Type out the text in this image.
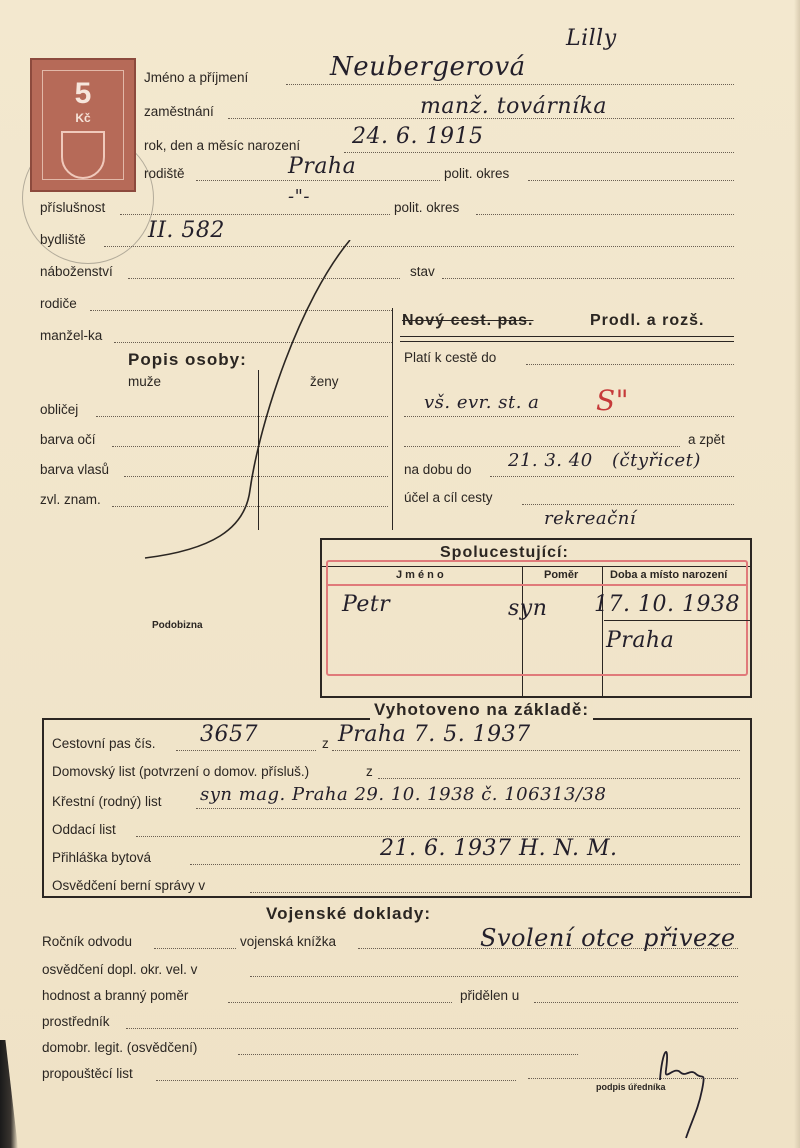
5
Kč
Jméno a příjmení	Neubergerová
Lilly
zaměstnání	manž. továrníka
rok, den a měsíc narození 24. 6. 1915
rodiště	Praha	polit. okres
příslušnost
-"-
polit. okres
bydliště	II. 582
náboženství	stav
rodiče
manžel-ka
Nový cest. pas.	Prodl. a rozš.
Popis osoby:
muže	ženy
obličej
barva očí
barva vlasů
zvl. znam.
Platí k cestě do
vš. evr. st. a S"
a zpět
na dobu do 21. 3. 40 (čtyřicet)
účel a cíl cesty
rekreační
Spolucestující:
J m é n o	Poměr	Doba a místo narození
Petr	syn 17. 10. 1938
Praha
Podobizna
Vyhotoveno na základě:
Cestovní pas čís. 3657	z Praha 7. 5. 1937
Domovský list (potvrzení o domov. přísluš.)	z
Křestní (rodný) list syn mag. Praha 29. 10. 1938 č. 106313/38
Oddací list
Přihláška bytová	21. 6. 1937 H. N. M.
Osvědčení berní správy v
Vojenské doklady:
Ročník odvodu	vojenská knížka	Svolení otce přiveze
osvědčení dopl. okr. vel. v
hodnost a branný poměr	přidělen u
prostředník
domobr. legit. (osvědčení)
propouštěcí list
podpis úředníka
